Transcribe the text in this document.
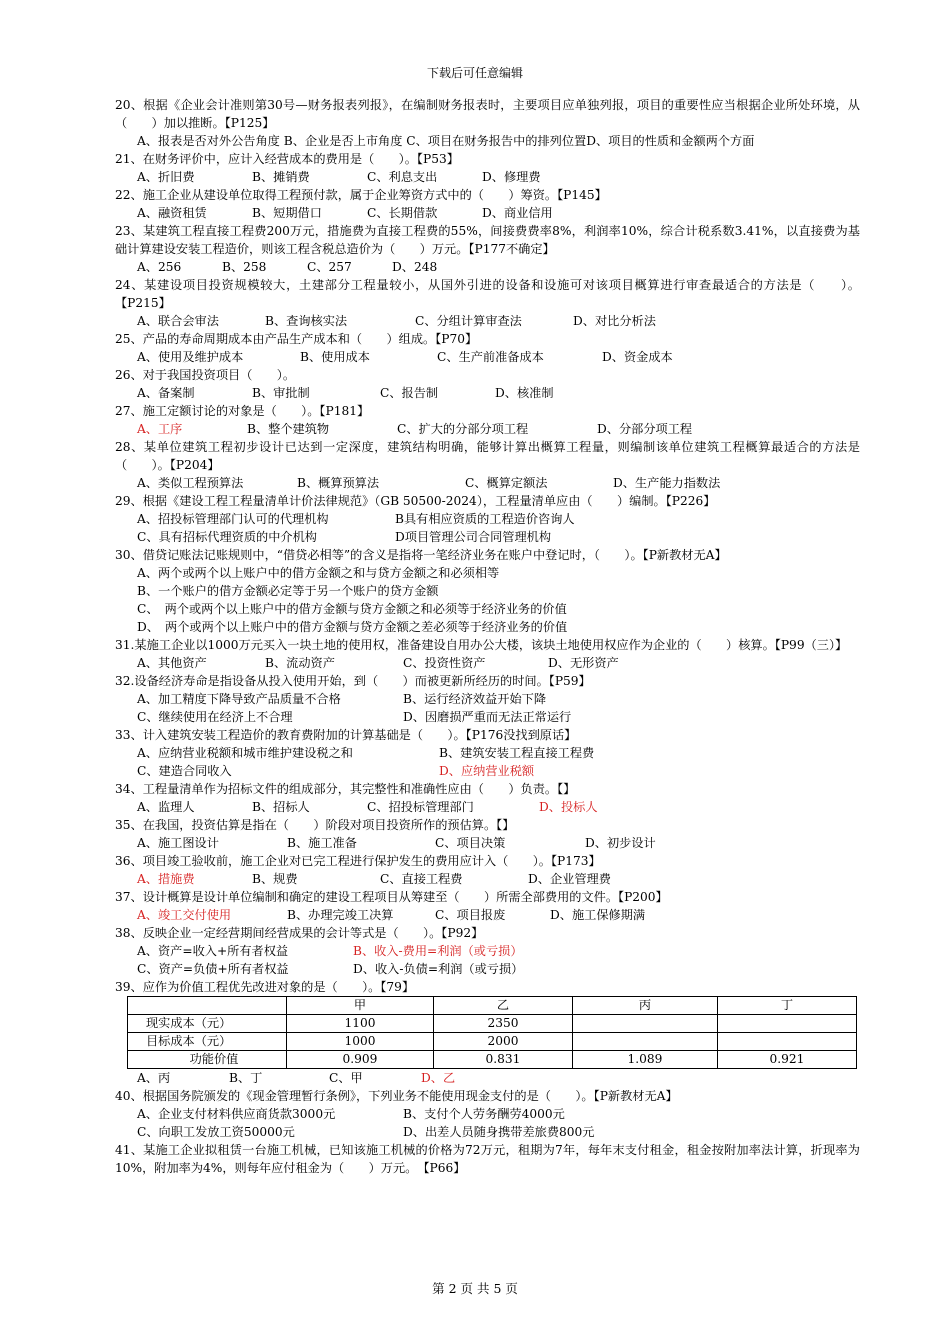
下载后可任意编辑
20、根据《企业会计准则第30号—财务报表列报》，在编制财务报表时，主要项目应单独列报，项目的重要性应当根据企业所处环境，从（　　）加以推断。【P125】
A、报表是否对外公告角度 B、企业是否上市角度 C、项目在财务报告中的排列位置D、项目的性质和金额两个方面
21、在财务评价中，应计入经营成本的费用是（　　）。【P53】
A、折旧费	B、摊销费	C、利息支出	D、修理费
22、施工企业从建设单位取得工程预付款，属于企业筹资方式中的（　　）筹资。【P145】
A、融资租赁	B、短期借口	C、长期借款	D、商业信用
23、某建筑工程直接工程费200万元，措施费为直接工程费的55%，间接费费率8%，利润率10%，综合计税系数3.41%，以直接费为基础计算建设安装工程造价，则该工程含税总造价为（　　）万元。【P177不确定】
A、256	B、258	C、257	D、248
24、某建设项目投资规模较大，土建部分工程量较小，从国外引进的设备和设施可对该项目概算进行审查最适合的方法是（　　）。【P215】
A、联合会审法	B、查询核实法	C、分组计算审查法	D、对比分析法
25、产品的寿命周期成本由产品生产成本和（　　）组成。【P70】
A、使用及维护成本	B、使用成本	C、生产前准备成本	D、资金成本
26、对于我国投资项目（　　）。
A、备案制	B、审批制	C、报告制	D、核准制
27、施工定额讨论的对象是（　　）。【P181】
A、工序	B、整个建筑物	C、扩大的分部分项工程	D、分部分项工程
28、某单位建筑工程初步设计已达到一定深度，建筑结构明确，能够计算出概算工程量，则编制该单位建筑工程概算最适合的方法是（　　）。【P204】
A、类似工程预算法	B、概算预算法	C、概算定额法	D、生产能力指数法
29、根据《建设工程工程量清单计价法律规范》（GB 50500-2024），工程量清单应由（　　）编制。【P226】
A、招投标管理部门认可的代理机构	B具有相应资质的工程造价咨询人
C、具有招标代理资质的中介机构	D项目管理公司合同管理机构
30、借贷记账法记账规则中，“借贷必相等”的含义是指将一笔经济业务在账户中登记时，（　　）。【P新教材无A】
A、两个或两个以上账户中的借方金额之和与贷方金额之和必须相等
B、一个账户的借方金额必定等于另一个账户的贷方金额
C、　两个或两个以上账户中的借方金额与贷方金额之和必须等于经济业务的价值
D、　两个或两个以上账户中的借方金额与贷方金额之差必须等于经济业务的价值
31.某施工企业以1000万元买入一块土地的使用权，准备建设自用办公大楼，该块土地使用权应作为企业的（　　）核算。【P99（三）】
A、其他资产	B、流动资产	C、投资性资产	D、无形资产
32.设备经济寿命是指设备从投入使用开始，到（　　）而被更新所经历的时间。【P59】
A、加工精度下降导致产品质量不合格	B、运行经济效益开始下降
C、继续使用在经济上不合理	D、因磨损严重而无法正常运行
33、计入建筑安装工程造价的教育费附加的计算基础是（　　）。【P176没找到原话】
A、应纳营业税额和城市维护建设税之和	B、建筑安装工程直接工程费
C、建造合同收入	D、应纳营业税额
34、工程量清单作为招标文件的组成部分，其完整性和准确性应由（　　）负责。【】
A、监理人	B、招标人	C、招投标管理部门	D、投标人
35、在我国，投资估算是指在（　　）阶段对项目投资所作的预估算。【】
A、施工图设计	B、施工准备	C、项目决策	D、初步设计
36、项目竣工验收前，施工企业对已完工程进行保护发生的费用应计入（　　）。【P173】
A、措施费	B、规费	C、直接工程费	D、企业管理费
37、设计概算是设计单位编制和确定的建设工程项目从筹建至（　　）所需全部费用的文件。【P200】
A、竣工交付使用	B、办理完竣工决算	C、项目报废	D、施工保修期满
38、反映企业一定经营期间经营成果的会计等式是（　　）。【P92】
A、资产=收入+所有者权益	B、收入-费用=利润（或亏损）
C、资产=负债+所有者权益	D、收入-负债=利润（或亏损）
39、应作为价值工程优先改进对象的是（　　）。【79】
	甲	乙	丙	丁
现实成本（元）	1100	2350		
目标成本（元）	1000	2000		
功能价值	0.909	0.831	1.089	0.921
A、丙	B、丁	C、甲	D、乙
40、根据国务院颁发的《现金管理暂行条例》，下列业务不能使用现金支付的是（　　）。【P新教材无A】
A、企业支付材料供应商货款3000元	B、支付个人劳务酬劳4000元
C、向职工发放工资50000元	D、出差人员随身携带差旅费800元
41、某施工企业拟租赁一台施工机械，已知该施工机械的价格为72万元，租期为7年，每年末支付租金，租金按附加率法计算，折现率为10%，附加率为4%，则每年应付租金为（　　）万元。　【P66】
第 2 页 共 5 页
